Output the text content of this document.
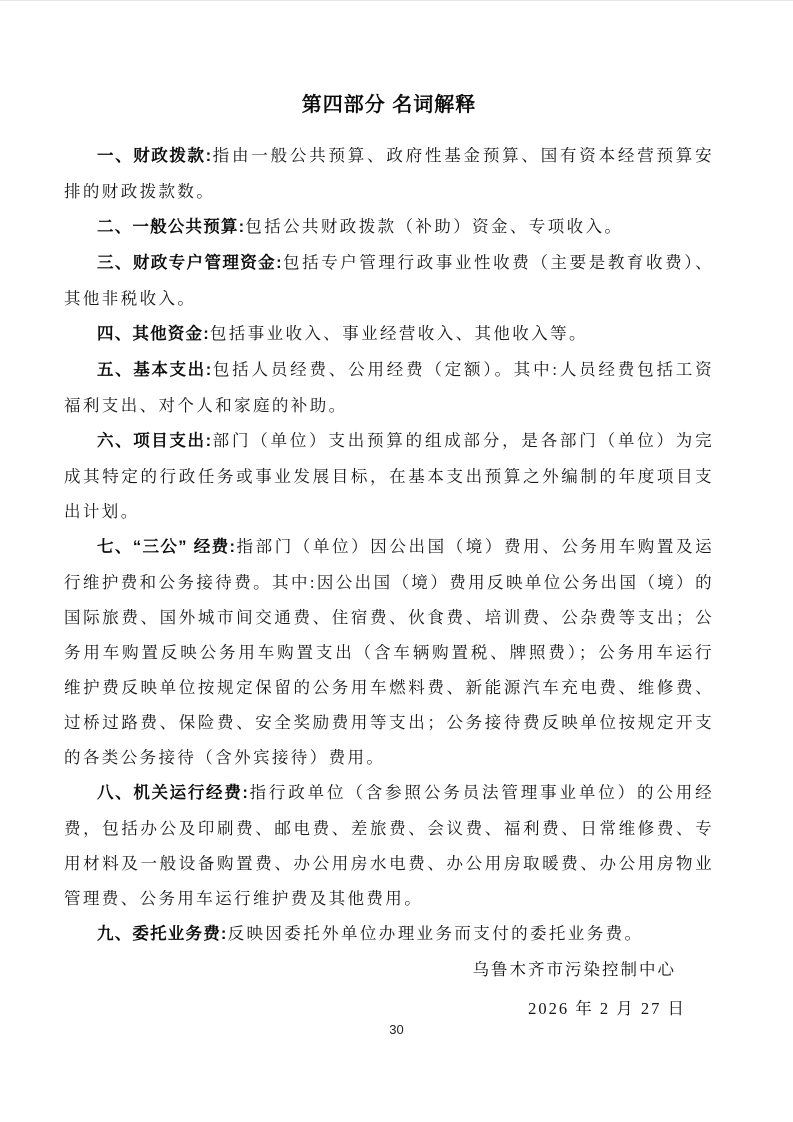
第四部分 名词解释

一、财政拨款:指由一般公共预算、政府性基金预算、国有资本经营预算安排的财政拨款数。

二、一般公共预算:包括公共财政拨款（补助）资金、专项收入。

三、财政专户管理资金:包括专户管理行政事业性收费（主要是教育收费）、其他非税收入。

四、其他资金:包括事业收入、事业经营收入、其他收入等。

五、基本支出:包括人员经费、公用经费（定额）。其中:人员经费包括工资福利支出、对个人和家庭的补助。

六、项目支出:部门（单位）支出预算的组成部分，是各部门（单位）为完成其特定的行政任务或事业发展目标，在基本支出预算之外编制的年度项目支出计划。

七、“三公” 经费:指部门（单位）因公出国（境）费用、公务用车购置及运行维护费和公务接待费。其中:因公出国（境）费用反映单位公务出国（境）的国际旅费、国外城市间交通费、住宿费、伙食费、培训费、公杂费等支出；公务用车购置反映公务用车购置支出（含车辆购置税、牌照费）；公务用车运行维护费反映单位按规定保留的公务用车燃料费、新能源汽车充电费、维修费、过桥过路费、保险费、安全奖励费用等支出；公务接待费反映单位按规定开支的各类公务接待（含外宾接待）费用。

八、机关运行经费:指行政单位（含参照公务员法管理事业单位）的公用经费，包括办公及印刷费、邮电费、差旅费、会议费、福利费、日常维修费、专用材料及一般设备购置费、办公用房水电费、办公用房取暖费、办公用房物业管理费、公务用车运行维护费及其他费用。

九、委托业务费:反映因委托外单位办理业务而支付的委托业务费。

乌鲁木齐市污染控制中心

2026 年 2 月 27 日

30
